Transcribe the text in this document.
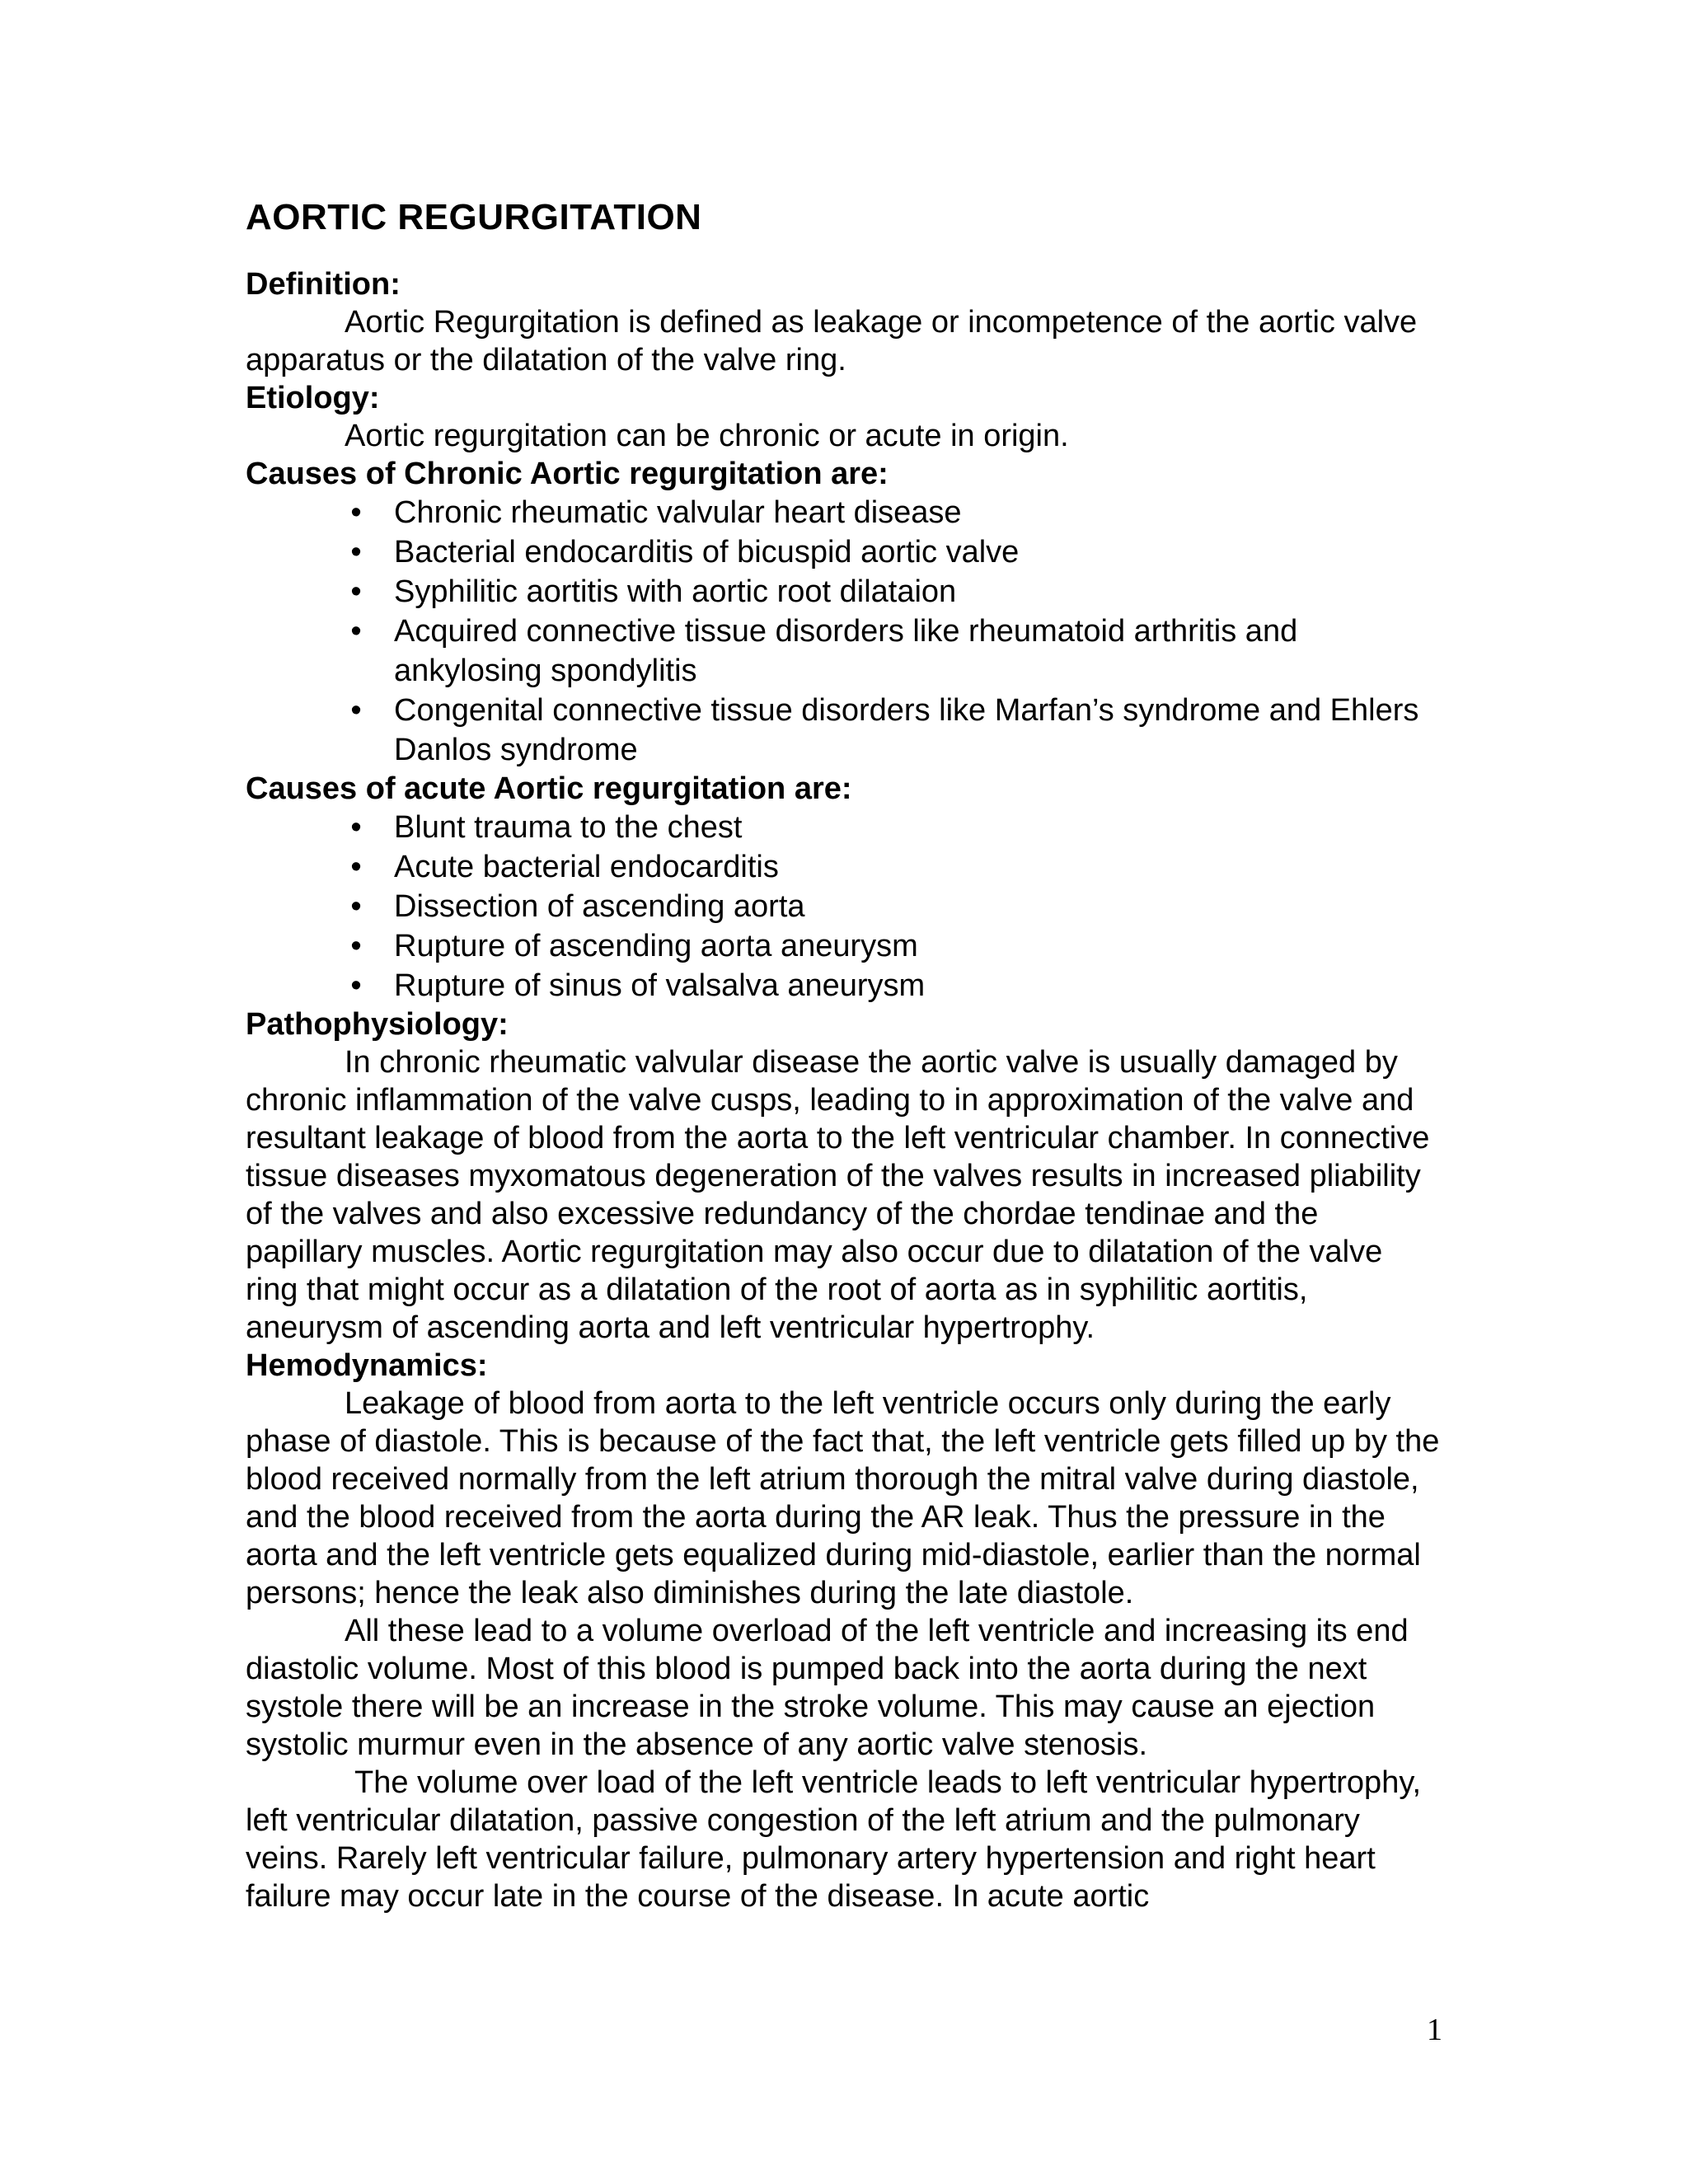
AORTIC REGURGITATION
Definition:

Aortic Regurgitation is defined as leakage or incompetence of the aortic valve apparatus or the dilatation of the valve ring.

Etiology:

Aortic regurgitation can be chronic or acute in origin.

Causes of Chronic Aortic regurgitation are:
• Chronic rheumatic valvular heart disease
• Bacterial endocarditis of bicuspid aortic valve
• Syphilitic aortitis with aortic root dilataion
• Acquired connective tissue disorders like rheumatoid arthritis and ankylosing spondylitis
• Congenital connective tissue disorders like Marfan’s syndrome and Ehlers Danlos syndrome
Causes of acute Aortic regurgitation are:
• Blunt trauma to the chest
• Acute bacterial endocarditis
• Dissection of ascending aorta
• Rupture of ascending aorta aneurysm
• Rupture of sinus of valsalva aneurysm
Pathophysiology:

In chronic rheumatic valvular disease the aortic valve is usually damaged by chronic inflammation of the valve cusps, leading to in approximation of the valve and resultant leakage of blood from the aorta to the left ventricular chamber. In connective tissue diseases myxomatous degeneration of the valves results in increased pliability of the valves and also excessive redundancy of the chordae tendinae and the papillary muscles. Aortic regurgitation may also occur due to dilatation of the valve ring that might occur as a dilatation of the root of aorta as in syphilitic aortitis, aneurysm of ascending aorta and left ventricular hypertrophy.

Hemodynamics:

Leakage of blood from aorta to the left ventricle occurs only during the early phase of diastole. This is because of the fact that, the left ventricle gets filled up by the blood received normally from the left atrium thorough the mitral valve during diastole, and the blood received from the aorta during the AR leak. Thus the pressure in the aorta and the left ventricle gets equalized during mid-diastole, earlier than the normal persons; hence the leak also diminishes during the late diastole.

All these lead to a volume overload of the left ventricle and increasing its end diastolic volume. Most of this blood is pumped back into the aorta during the next systole there will be an increase in the stroke volume. This may cause an ejection systolic murmur even in the absence of any aortic valve stenosis.

The volume over load of the left ventricle leads to left ventricular hypertrophy, left ventricular dilatation, passive congestion of the left atrium and the pulmonary veins. Rarely left ventricular failure, pulmonary artery hypertension and right heart failure may occur late in the course of the disease. In acute aortic

1
